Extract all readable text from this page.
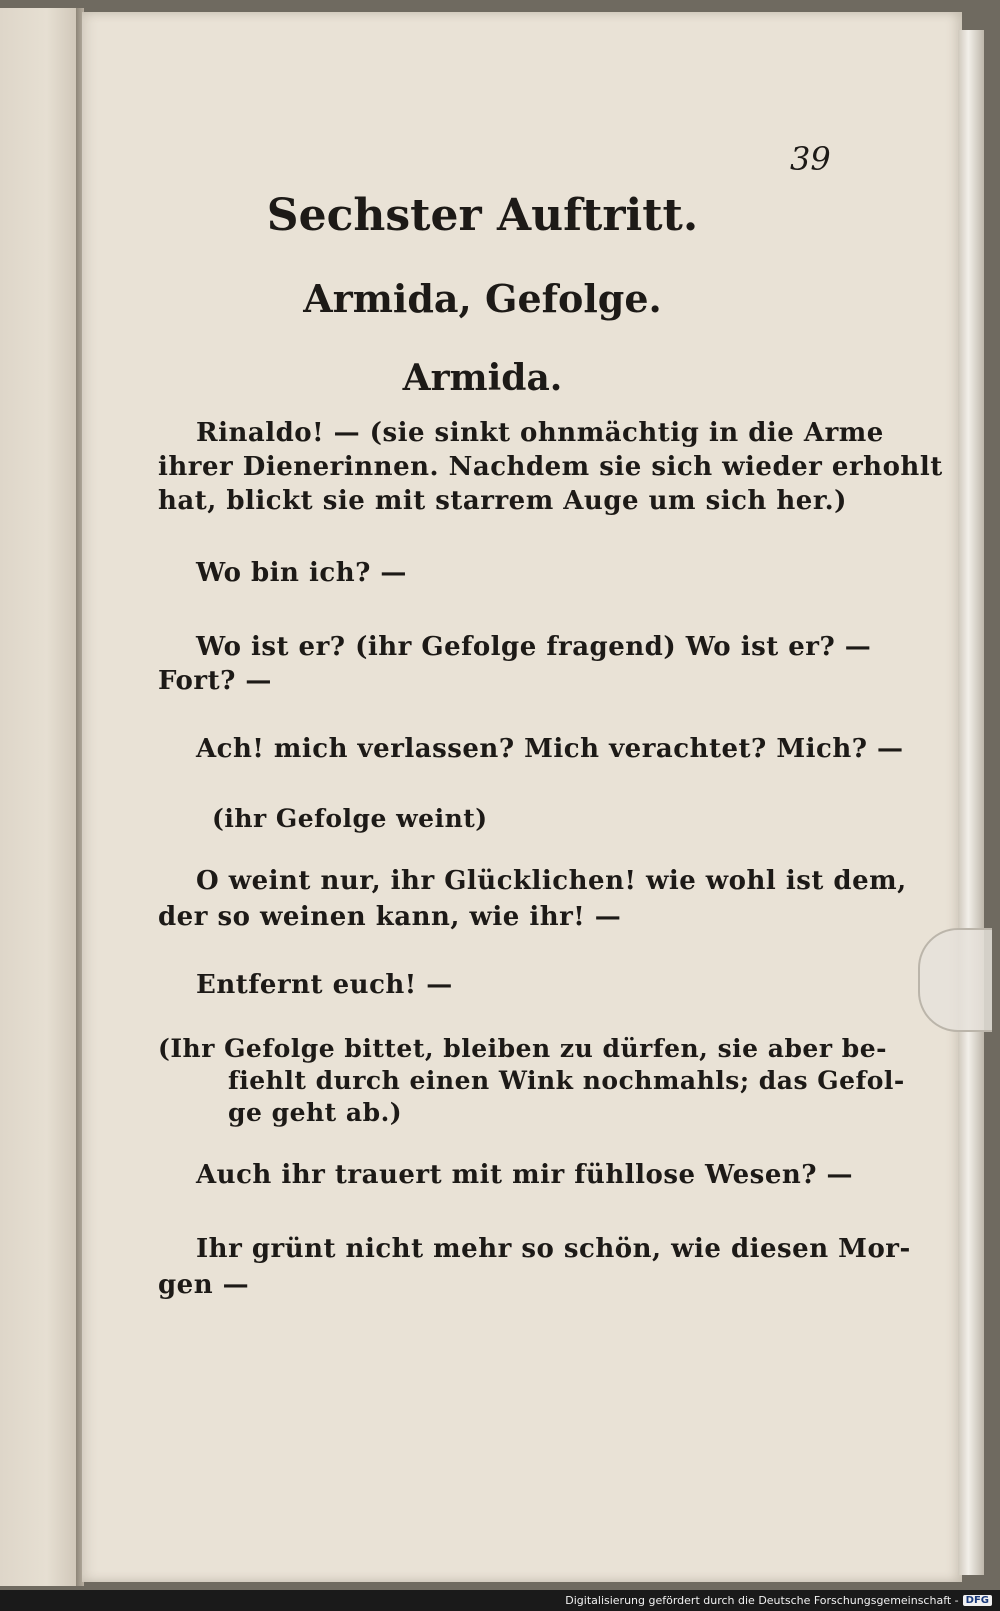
39
Sechster Auftritt.
Armida, Gefolge.
Armida.
Rinaldo! — (sie sinkt ohnmächtig in die Arme
ihrer Dienerinnen. Nachdem sie sich wieder erhohlt
hat, blickt sie mit starrem Auge um sich her.)
Wo bin ich? —
Wo ist er? (ihr Gefolge fragend) Wo ist er? —
Fort? —
Ach! mich verlassen? Mich verachtet? Mich? —
(ihr Gefolge weint)
O weint nur, ihr Glücklichen! wie wohl ist dem,
der so weinen kann, wie ihr! —
Entfernt euch! —
(Ihr Gefolge bittet, bleiben zu dürfen, sie aber be-
fiehlt durch einen Wink nochmahls; das Gefol-
ge geht ab.)
Auch ihr trauert mit mir fühllose Wesen? —
Ihr grünt nicht mehr so schön, wie diesen Mor-
gen —
Digitalisierung gefördert durch die Deutsche Forschungsgemeinschaft - DFG
